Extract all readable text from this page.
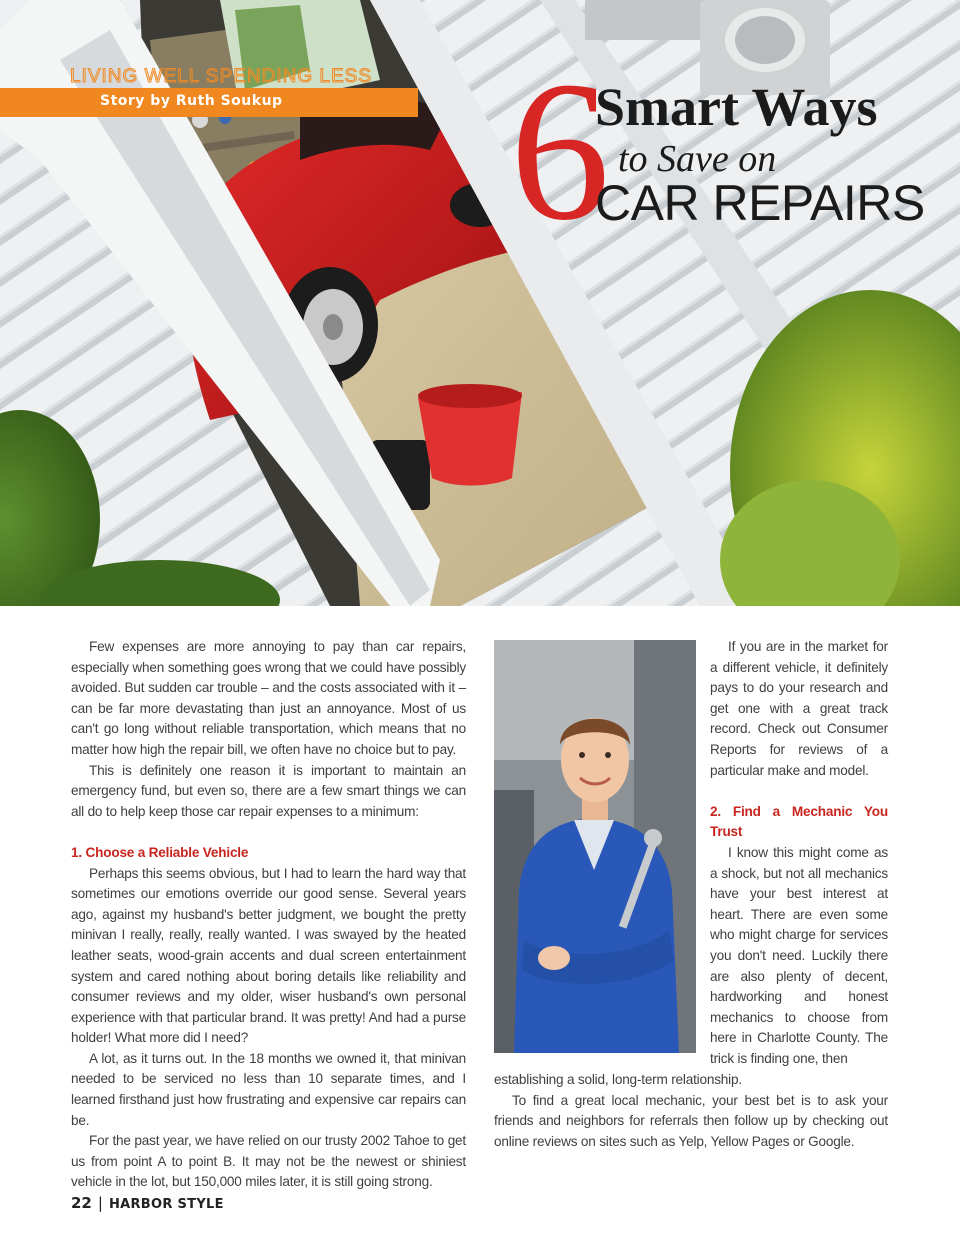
LIVING WELL SPENDING LESS
Story by Ruth Soukup 6
Smart Ways
to Save on
CAR REPAIRS

Few expenses are more annoying to pay than car repairs, especially when something goes wrong that we could have possibly avoided. But sudden car trouble – and the costs associated with it – can be far more devastating than just an annoyance. Most of us can't go long without reliable transportation, which means that no matter how high the repair bill, we often have no choice but to pay.

This is definitely one reason it is important to maintain an emergency fund, but even so, there are a few smart things we can all do to help keep those car repair expenses to a minimum:

1. Choose a Reliable Vehicle

Perhaps this seems obvious, but I had to learn the hard way that sometimes our emotions override our good sense. Several years ago, against my husband's better judgment, we bought the pretty minivan I really, really, really wanted. I was swayed by the heated leather seats, wood-grain accents and dual screen entertainment system and cared nothing about boring details like reliability and consumer reviews and my older, wiser husband's own personal experience with that particular brand. It was pretty! And had a purse holder! What more did I need?

A lot, as it turns out. In the 18 months we owned it, that minivan needed to be serviced no less than 10 separate times, and I learned firsthand just how frustrating and expensive car repairs can be.

For the past year, we have relied on our trusty 2002 Tahoe to get us from point A to point B. It may not be the newest or shiniest vehicle in the lot, but 150,000 miles later, it is still going strong.

If you are in the market for a different vehicle, it definitely pays to do your research and get one with a great track record. Check out Consumer Reports for reviews of a particular make and model.

2. Find a Mechanic You Trust

I know this might come as a shock, but not all mechanics have your best interest at heart. There are even some who might charge for services you don't need. Luckily there are also plenty of decent, hardworking and honest mechanics to choose from here in Charlotte County. The trick is finding one, then

establishing a solid, long-term relationship.

To find a great local mechanic, your best bet is to ask your friends and neighbors for referrals then follow up by checking out online reviews on sites such as Yelp, Yellow Pages or Google.

22 | HARBOR STYLE
